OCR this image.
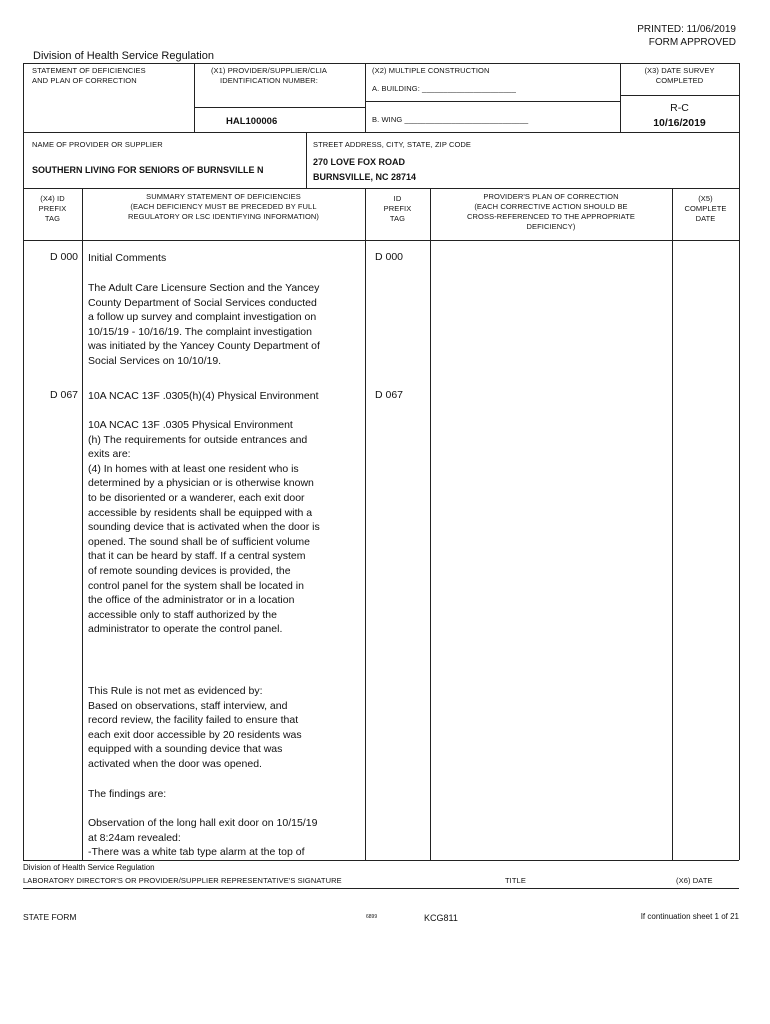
PRINTED: 11/06/2019
FORM APPROVED
Division of Health Service Regulation
STATEMENT OF DEFICIENCIES
AND PLAN OF CORRECTION
(X1) PROVIDER/SUPPLIER/CLIA
IDENTIFICATION NUMBER:
HAL100006
(X2) MULTIPLE CONSTRUCTION
A. BUILDING: ______________________
B. WING _____________________________
(X3) DATE SURVEY
COMPLETED
R-C
10/16/2019
NAME OF PROVIDER OR SUPPLIER
SOUTHERN LIVING FOR SENIORS OF BURNSVILLE N
STREET ADDRESS, CITY, STATE, ZIP CODE
270 LOVE FOX ROAD
BURNSVILLE, NC 28714
(X4) ID
PREFIX
TAG
SUMMARY STATEMENT OF DEFICIENCIES
(EACH DEFICIENCY MUST BE PRECEDED BY FULL
REGULATORY OR LSC IDENTIFYING INFORMATION)
ID
PREFIX
TAG
PROVIDER'S PLAN OF CORRECTION
(EACH CORRECTIVE ACTION SHOULD BE
CROSS-REFERENCED TO THE APPROPRIATE
DEFICIENCY)
(X5)
COMPLETE
DATE
D 000 Initial Comments	D 000
The Adult Care Licensure Section and the Yancey
County Department of Social Services conducted
a follow up survey and complaint investigation on
10/15/19 - 10/16/19. The complaint investigation
was initiated by the Yancey County Department of
Social Services on 10/10/19.
D 067 10A NCAC 13F .0305(h)(4) Physical Environment	D 067
10A NCAC 13F .0305 Physical Environment
(h) The requirements for outside entrances and
exits are:
(4) In homes with at least one resident who is
determined by a physician or is otherwise known
to be disoriented or a wanderer, each exit door
accessible by residents shall be equipped with a
sounding device that is activated when the door is
opened. The sound shall be of sufficient volume
that it can be heard by staff. If a central system
of remote sounding devices is provided, the
control panel for the system shall be located in
the office of the administrator or in a location
accessible only to staff authorized by the
administrator to operate the control panel.
This Rule is not met as evidenced by:
Based on observations, staff interview, and
record review, the facility failed to ensure that
each exit door accessible by 20 residents was
equipped with a sounding device that was
activated when the door was opened.
The findings are:
Observation of the long hall exit door on 10/15/19
at 8:24am revealed:
-There was a white tab type alarm at the top of
Division of Health Service Regulation
LABORATORY DIRECTOR'S OR PROVIDER/SUPPLIER REPRESENTATIVE'S SIGNATURE	TITLE	(X6) DATE
STATE FORM	6899	KCG811	If continuation sheet 1 of 21
